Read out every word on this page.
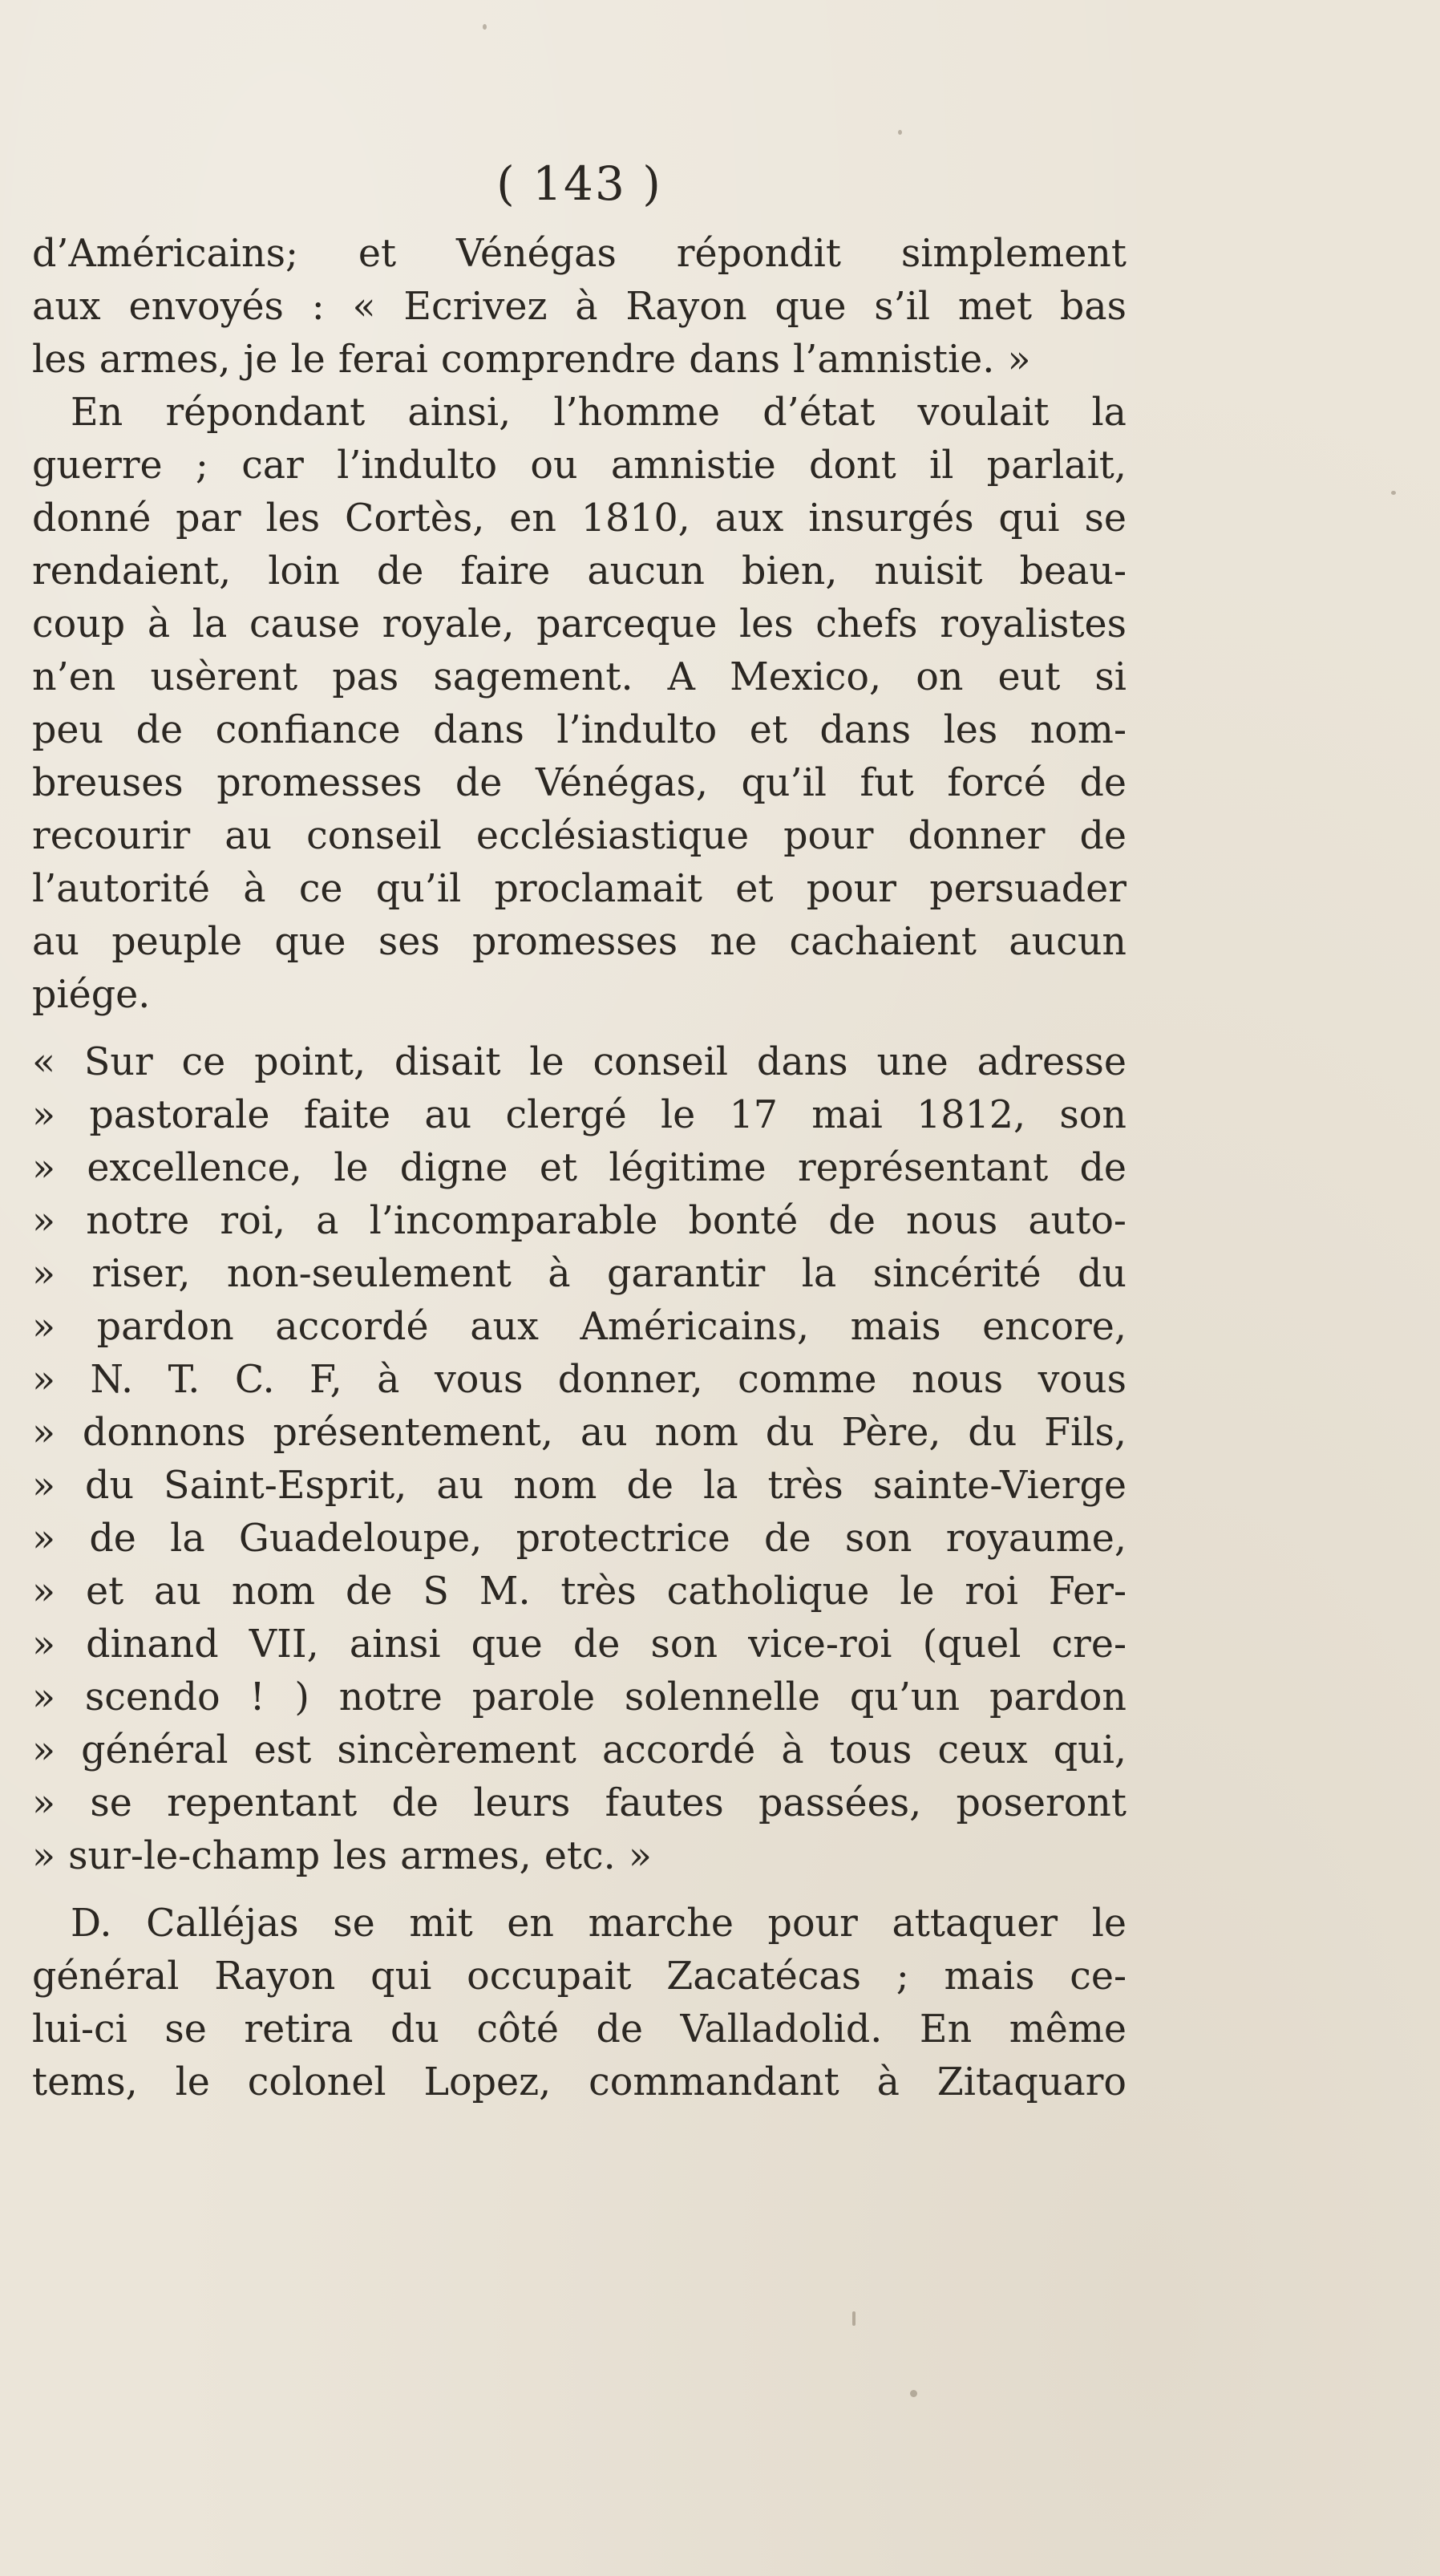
( 143 )

d’Américains; et Vénégas répondit simplement
aux envoyés : « Ecrivez à Rayon que s’il met bas
les armes, je le ferai comprendre dans l’amnistie. »

En répondant ainsi, l’homme d’état voulait la
guerre ; car l’indulto ou amnistie dont il parlait,
donné par les Cortès, en 1810, aux insurgés qui se
rendaient, loin de faire aucun bien, nuisit beau-
coup à la cause royale, parceque les chefs royalistes
n’en usèrent pas sagement. A Mexico, on eut si
peu de confiance dans l’indulto et dans les nom-
breuses promesses de Vénégas, qu’il fut forcé de
recourir au conseil ecclésiastique pour donner de
l’autorité à ce qu’il proclamait et pour persuader
au peuple que ses promesses ne cachaient aucun
piége.

« Sur ce point, disait le conseil dans une adresse
» pastorale faite au clergé le 17 mai 1812, son
» excellence, le digne et légitime représentant de
» notre roi, a l’incomparable bonté de nous auto-
» riser, non-seulement à garantir la sincérité du
» pardon accordé aux Américains, mais encore,
» N. T. C. F, à vous donner, comme nous vous
» donnons présentement, au nom du Père, du Fils,
» du Saint-Esprit, au nom de la très sainte-Vierge
» de la Guadeloupe, protectrice de son royaume,
» et au nom de S M. très catholique le roi Fer-
» dinand VII, ainsi que de son vice-roi (quel cre-
» scendo ! ) notre parole solennelle qu’un pardon
» général est sincèrement accordé à tous ceux qui,
» se repentant de leurs fautes passées, poseront
» sur-le-champ les armes, etc. »

D. Calléjas se mit en marche pour attaquer le
général Rayon qui occupait Zacatécas ; mais ce-
lui-ci se retira du côté de Valladolid. En même
tems, le colonel Lopez, commandant à Zitaquaro
